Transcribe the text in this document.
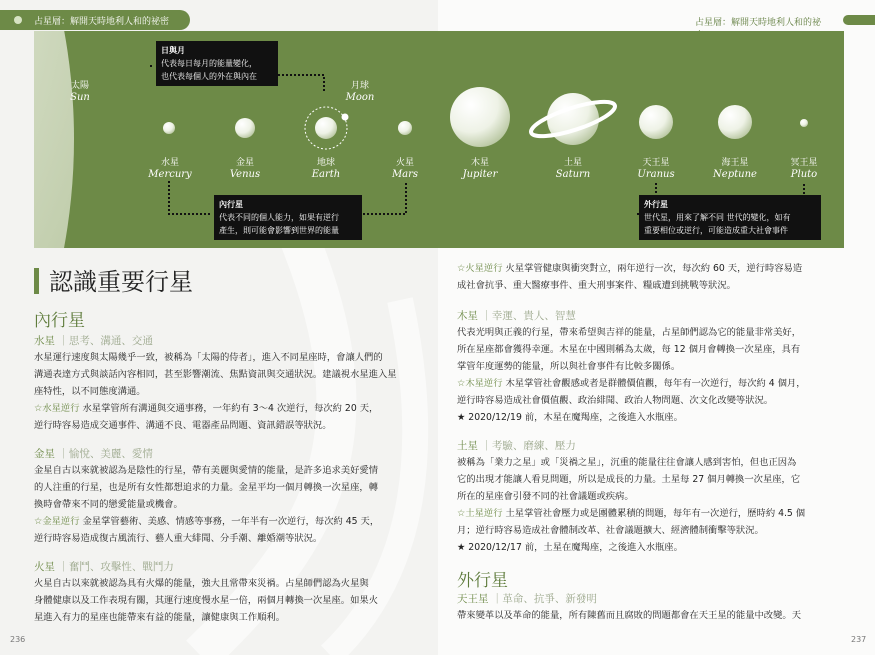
占星層：解開天時地利人和的祕密	占星層：解開天時地利人和的祕
太陽
Sun
月球
Moon
水星
Mercury
金星
Venus
地球
Earth
火星
Mars
木星
Jupiter
土星
Saturn
天王星
Uranus
海王星
Neptune
冥王星
Pluto
日與月
代表每日每月的能量變化，
也代表每個人的外在與內在
內行星
代表不同的個人能力，如果有逆行
產生，則可能會影響到世界的能量
外行星
世代星，用來了解不同 世代的變化，如有
重要相位或逆行，可能造成重大社會事件
認識重要行星
內行星
水星 ｜思考、溝通、交通
水星運行速度與太陽幾乎一致，被稱為「太陽的侍者」，進入不同星座時，會讓人們的
溝通表達方式與談話內容相同，甚至影響潮流、焦點資訊與交通狀況。建議視水星進入星
座特性，以不同態度溝通。
☆水星逆行 水星掌管所有溝通與交通事務，一年約有 3～4 次逆行，每次約 20 天，
逆行時容易造成交通事件、溝通不良、電器產品問題、資訊錯誤等狀況。
金星 ｜愉悅、美麗、愛情
金星自古以來就被認為是陰性的行星，帶有美麗與愛情的能量，是許多追求美好愛情
的人注重的行星，也是所有女性都想追求的力量。金星平均一個月轉換一次星座，轉
換時會帶來不同的戀愛能量或機會。
☆金星逆行 金星掌管藝術、美感、情感等事務，一年半有一次逆行，每次約 45 天，
逆行時容易造成復古風流行、藝人重大緋聞、分手潮、離婚潮等狀況。
火星 ｜奮鬥、攻擊性、戰鬥力
火星自古以來就被認為具有火爆的能量，強大且常帶來災禍。占星師們認為火星與
身體健康以及工作表現有關，其運行速度慢水星一倍，兩個月轉換一次星座。如果火
星進入有力的星座也能帶來有益的能量，讓健康與工作順利。
236
☆火星逆行 火星掌管健康與衝突對立，兩年逆行一次，每次約 60 天，逆行時容易造
成社會抗爭、重大醫療事件、重大刑事案件、糧戚遭到挑戰等狀況。
木星 ｜幸運、貴人、智慧
代表光明與正義的行星，帶來希望與吉祥的能量，占星師們認為它的能量非常美好，
所在星座都會獲得幸運。木星在中國則稱為太歲，每 12 個月會轉換一次星座，具有
掌管年度運勢的能量，所以與社會事件有比較多關係。
☆木星逆行 木星掌管社會觀感或者是群體價值觀，每年有一次逆行，每次約 4 個月，
逆行時容易造成社會價值觀、政治緋聞、政治人物問題、次文化改變等狀況。
★ 2020/12/19 前，木星在魔羯座，之後進入水瓶座。
土星 ｜考驗、磨練、壓力
被稱為「業力之星」或「災禍之星」，沉重的能量往往會讓人感到害怕，但也正因為
它的出現才能讓人看見問題，所以是成長的力量。土星每 27 個月轉換一次星座，它
所在的星座會引發不同的社會議題或疾病。
☆土星逆行 土星掌管社會壓力或是團體累積的問題，每年有一次逆行，歷時約 4.5 個
月；逆行時容易造成社會體制改革、社會議題擴大、經濟體制衝擊等狀況。
★ 2020/12/17 前，土星在魔羯座，之後進入水瓶座。
外行星
天王星 ｜革命、抗爭、新發明
帶來變革以及革命的能量，所有陳舊而且腐敗的問題都會在天王星的能量中改變。天
237
